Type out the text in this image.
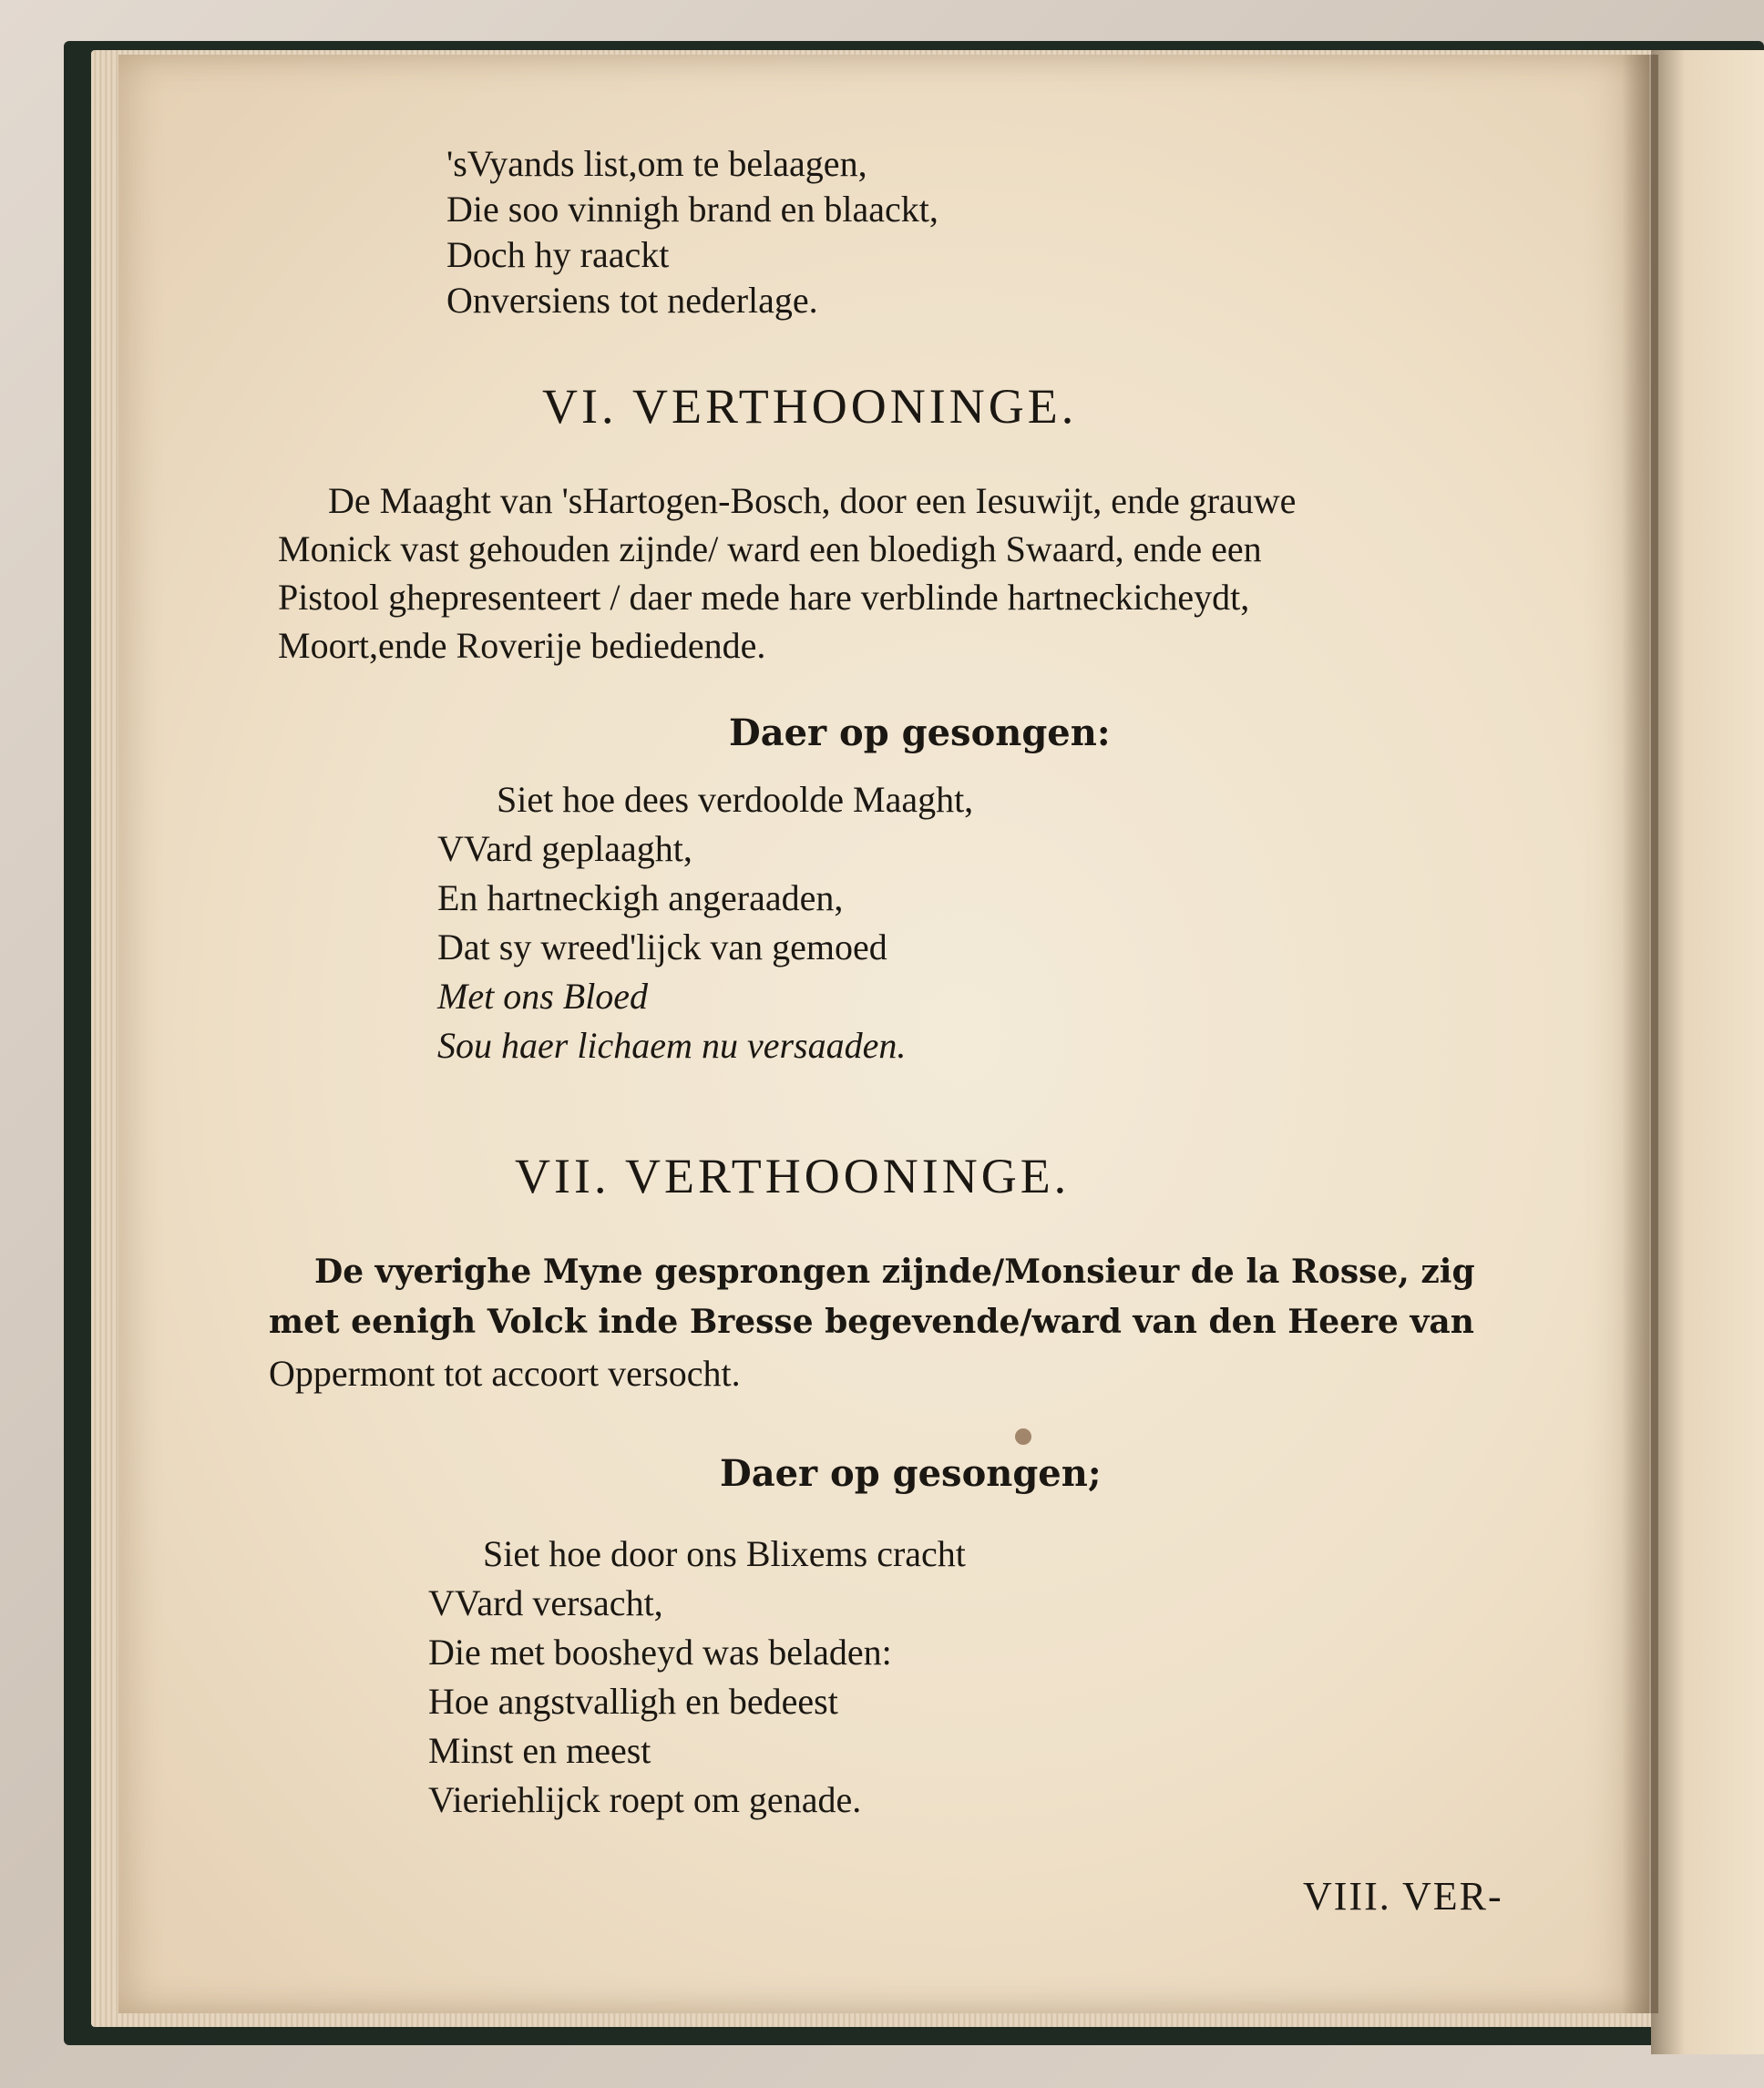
'sVyands list,om te belaagen,
Die soo vinnigh brand en blaackt,
Doch hy raackt
Onversiens tot nederlage.
VI. VERTHOONINGE.
De Maaght van 'sHartogen-Bosch, door een Iesuwijt, ende grauwe
Monick vast gehouden zijnde/ ward een bloedigh Swaard, ende een
Pistool ghepresenteert / daer mede hare verblinde hartneckicheydt,
Moort,ende Roverije bediedende.
Daer op gesongen:
Siet hoe dees verdoolde Maaght,
VVard geplaaght,
En hartneckigh angeraaden,
Dat sy wreed'lijck van gemoed
Met ons Bloed
Sou haer lichaem nu versaaden.
VII. VERTHOONINGE.
De vyerighe Myne gesprongen zijnde/Monsieur de la Rosse, zig
met eenigh Volck inde Bresse begevende/ward van den Heere van
Oppermont tot accoort versocht.
Daer op gesongen;
Siet hoe door ons Blixems cracht
VVard versacht,
Die met boosheyd was beladen:
Hoe angstvalligh en bedeest
Minst en meest
Vieriehlijck roept om genade.
VIII. VER-
